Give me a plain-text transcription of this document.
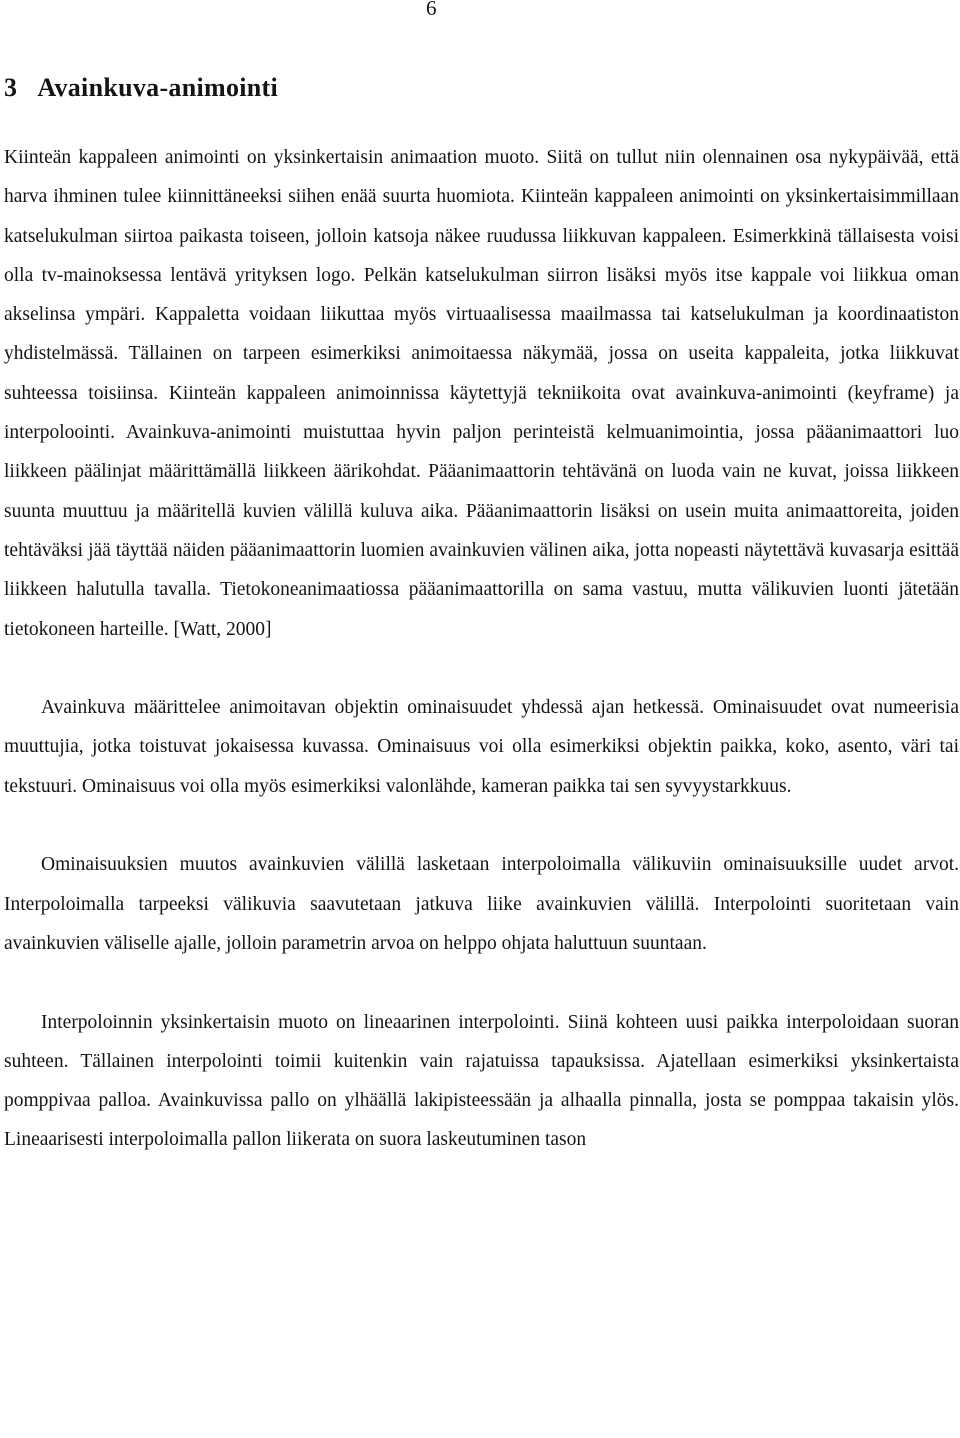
6
3 Avainkuva-animointi

Kiinteän kappaleen animointi on yksinkertaisin animaation muoto. Siitä on tullut niin olennainen osa nykypäivää, että harva ihminen tulee kiinnittäneeksi siihen enää suurta huomiota. Kiinteän kappaleen animointi on yksinkertaisimmillaan katselukulman siirtoa paikasta toiseen, jolloin katsoja näkee ruudussa liikkuvan kappaleen. Esimerkkinä tällaisesta voisi olla tv-mainoksessa lentävä yrityksen logo. Pelkän katselukulman siirron lisäksi myös itse kappale voi liikkua oman akselinsa ympäri. Kappaletta voidaan liikuttaa myös virtuaalisessa maailmassa tai katselukulman ja koordinaatiston yhdistelmässä. Tällainen on tarpeen esimerkiksi animoitaessa näkymää, jossa on useita kappaleita, jotka liikkuvat suhteessa toisiinsa. Kiinteän kappaleen animoinnissa käytettyjä tekniikoita ovat avainkuva-animointi (keyframe) ja interpoloointi. Avainkuva-animointi muistuttaa hyvin paljon perinteistä kelmuanimointia, jossa pääanimaattori luo liikkeen päälinjat määrittämällä liikkeen äärikohdat. Pääanimaattorin tehtävänä on luoda vain ne kuvat, joissa liikkeen suunta muuttuu ja määritellä kuvien välillä kuluva aika. Pääanimaattorin lisäksi on usein muita animaattoreita, joiden tehtäväksi jää täyttää näiden pääanimaattorin luomien avainkuvien välinen aika, jotta nopeasti näytettävä kuvasarja esittää liikkeen halutulla tavalla. Tietokoneanimaatiossa pääanimaattorilla on sama vastuu, mutta välikuvien luonti jätetään tietokoneen harteille. [Watt, 2000]

Avainkuva määrittelee animoitavan objektin ominaisuudet yhdessä ajan hetkessä. Ominaisuudet ovat numeerisia muuttujia, jotka toistuvat jokaisessa kuvassa. Ominaisuus voi olla esimerkiksi objektin paikka, koko, asento, väri tai tekstuuri. Ominaisuus voi olla myös esimerkiksi valonlähde, kameran paikka tai sen syvyystarkkuus.

Ominaisuuksien muutos avainkuvien välillä lasketaan interpoloimalla välikuviin ominaisuuksille uudet arvot. Interpoloimalla tarpeeksi välikuvia saavutetaan jatkuva liike avainkuvien välillä. Interpolointi suoritetaan vain avainkuvien väliselle ajalle, jolloin parametrin arvoa on helppo ohjata haluttuun suuntaan.

Interpoloinnin yksinkertaisin muoto on lineaarinen interpolointi. Siinä kohteen uusi paikka interpoloidaan suoran suhteen. Tällainen interpolointi toimii kuitenkin vain rajatuissa tapauksissa. Ajatellaan esimerkiksi yksinkertaista pomppivaa palloa. Avainkuvissa pallo on ylhäällä lakipisteessään ja alhaalla pinnalla, josta se pomppaa takaisin ylös. Lineaarisesti interpoloimalla pallon liikerata on suora laskeutuminen tason
